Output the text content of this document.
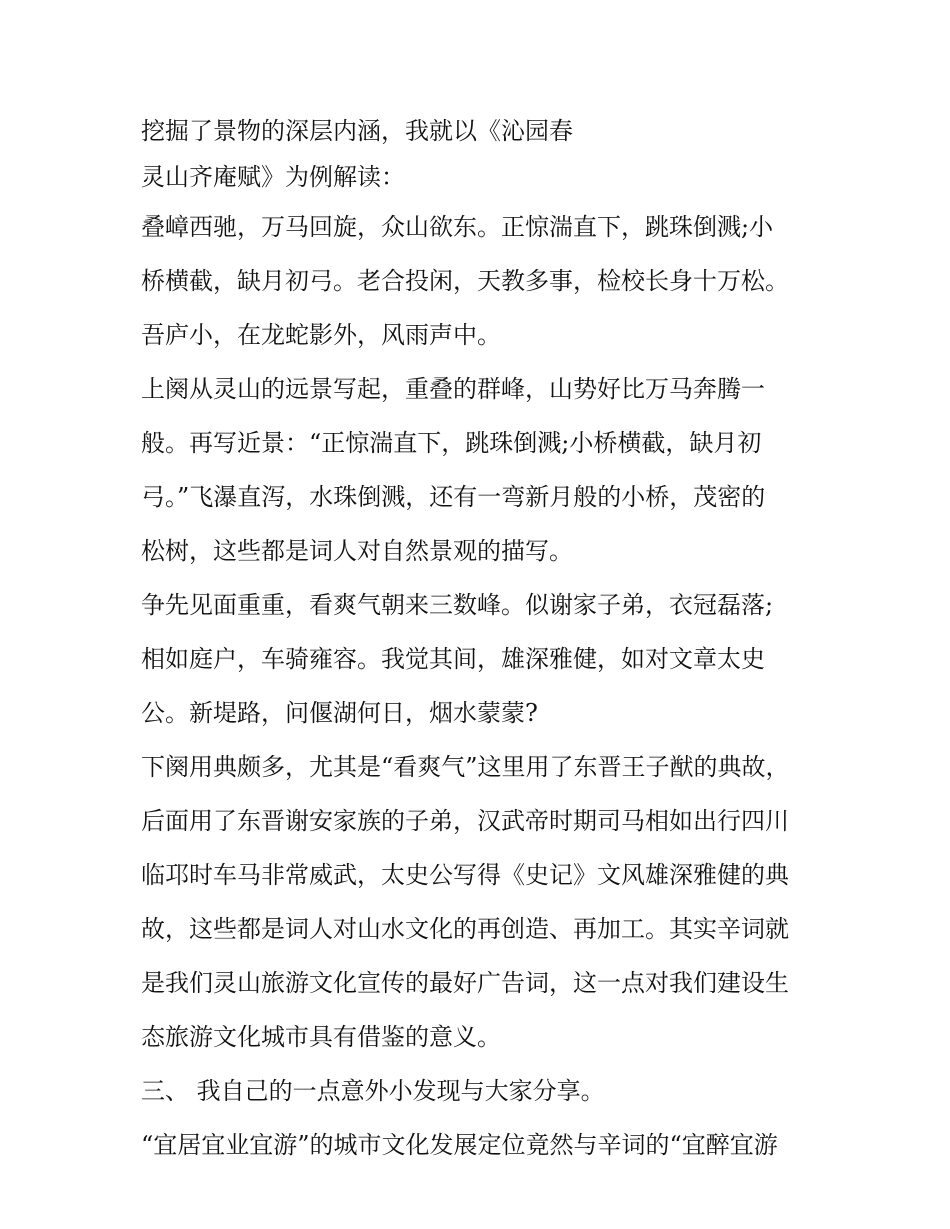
挖掘了景物的深层内涵，我就以《沁园春
灵山齐庵赋》为例解读：
叠嶂西驰，万马回旋，众山欲东。正惊湍直下，跳珠倒溅;小
桥横截，缺月初弓。老合投闲，天教多事，检校长身十万松。
吾庐小，在龙蛇影外，风雨声中。
上阕从灵山的远景写起，重叠的群峰，山势好比万马奔腾一
般。再写近景：“正惊湍直下，跳珠倒溅;小桥横截，缺月初
弓。”飞瀑直泻，水珠倒溅，还有一弯新月般的小桥，茂密的
松树，这些都是词人对自然景观的描写。
争先见面重重，看爽气朝来三数峰。似谢家子弟，衣冠磊落;
相如庭户，车骑雍容。我觉其间，雄深雅健，如对文章太史
公。新堤路，问偃湖何日，烟水蒙蒙?
下阕用典颇多，尤其是“看爽气”这里用了东晋王子猷的典故，
后面用了东晋谢安家族的子弟，汉武帝时期司马相如出行四川
临邛时车马非常威武，太史公写得《史记》文风雄深雅健的典
故，这些都是词人对山水文化的再创造、再加工。其实辛词就
是我们灵山旅游文化宣传的最好广告词，这一点对我们建设生
态旅游文化城市具有借鉴的意义。
三、 我自己的一点意外小发现与大家分享。
“宜居宜业宜游”的城市文化发展定位竟然与辛词的“宜醉宜游
